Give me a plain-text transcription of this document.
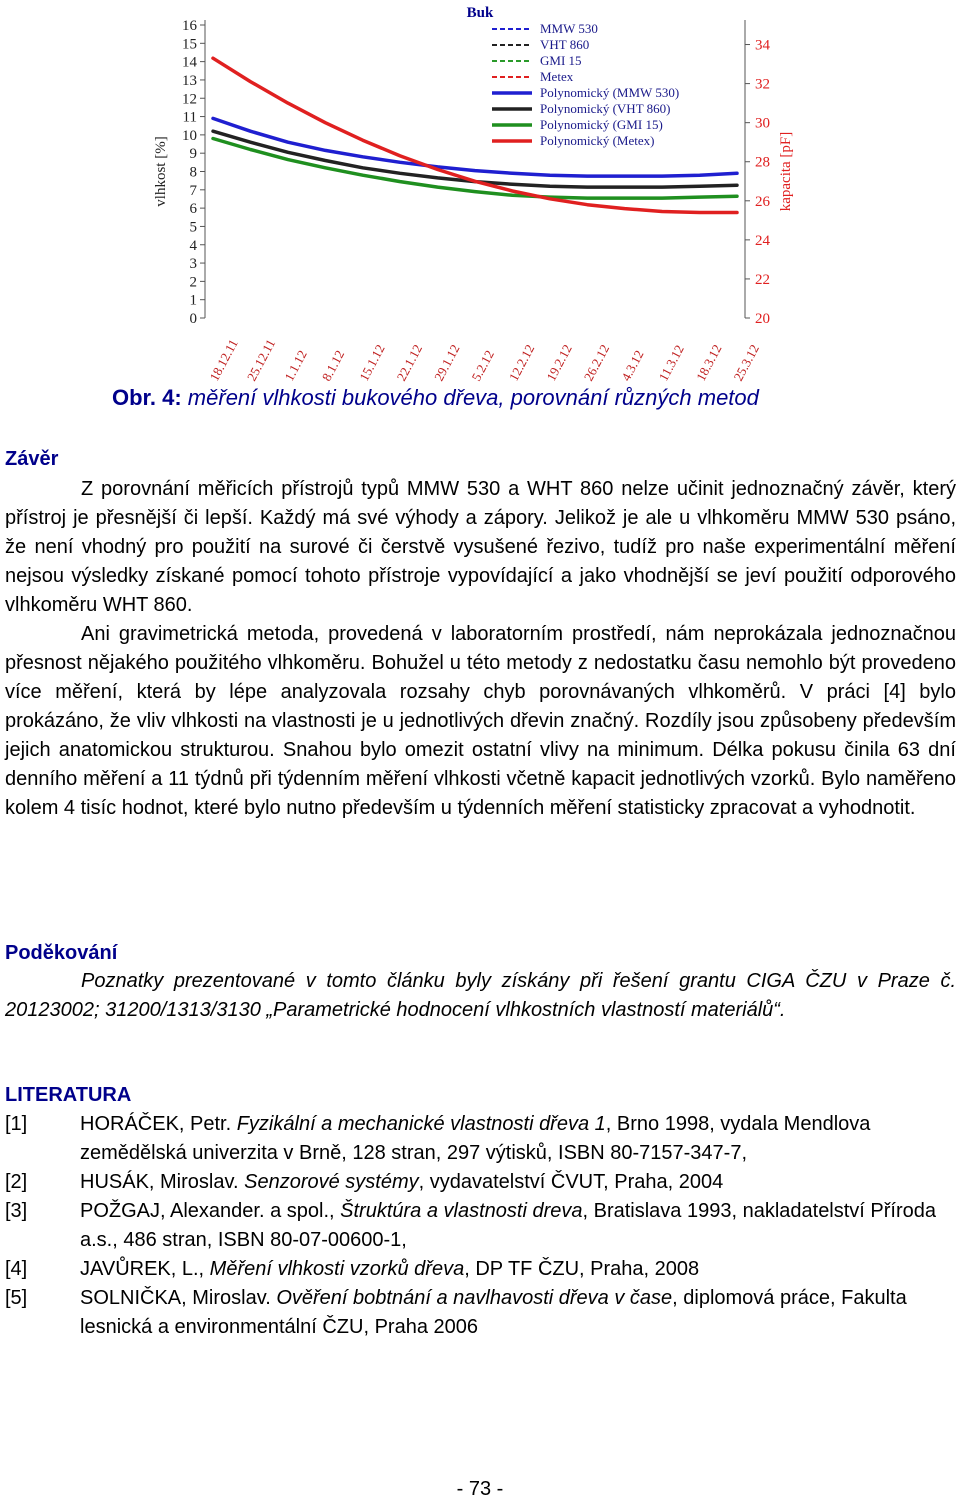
0
1
2
3
4
5
6
7
8
9
10
11
12
13
14
15
16
20
22
24
26
28
30
32
34
vlhkost [%]	kapacita [pF]
Buk
18.12.11 25.12.11 1.1.12 8.1.12 15.1.12 22.1.12 29.1.12 5.2.12 12.2.12 19.2.12 26.2.12 4.3.12 11.3.12 18.3.12 25.3.12
MMW 530
VHT 860
GMI 15
Metex
Polynomický (MMW 530)
Polynomický (VHT 860)
Polynomický (GMI 15)
Polynomický (Metex)
Obr. 4: měření vlhkosti bukového dřeva, porovnání různých metod
Závěr

Z porovnání měřicích přístrojů typů MMW 530 a WHT 860 nelze učinit jednoznačný závěr, který přístroj je přesnější či lepší. Každý má své výhody a zápory. Jelikož je ale u vlhkoměru MMW 530 psáno, že není vhodný pro použití na surové či čerstvě vysušené řezivo, tudíž pro naše experimentální měření nejsou výsledky získané pomocí tohoto přístroje vypovídající a jako vhodnější se jeví použití odporového vlhkoměru WHT 860.

Ani gravimetrická metoda, provedená v laboratorním prostředí, nám neprokázala jednoznačnou přesnost nějakého použitého vlhkoměru. Bohužel u této metody z nedostatku času nemohlo být provedeno více měření, která by lépe analyzovala rozsahy chyb porovnávaných vlhkoměrů. V práci [4] bylo prokázáno, že vliv vlhkosti na vlastnosti je u jednotlivých dřevin značný. Rozdíly jsou způsobeny především jejich anatomickou strukturou. Snahou bylo omezit ostatní vlivy na minimum. Délka pokusu činila 63 dní denního měření a 11 týdnů při týdenním měření vlhkosti včetně kapacit jednotlivých vzorků. Bylo naměřeno kolem 4 tisíc hodnot, které bylo nutno především u týdenních měření statisticky zpracovat a vyhodnotit.

Poděkování

Poznatky prezentované v tomto článku byly získány při řešení grantu CIGA ČZU v Praze č. 20123002; 31200/1313/3130 „Parametrické hodnocení vlhkostních vlastností materiálů“.

LITERATURA
[1]	HORÁČEK, Petr. Fyzikální a mechanické vlastnosti dřeva 1, Brno 1998, vydala Mendlova zemědělská univerzita v Brně, 128 stran, 297 výtisků, ISBN 80-7157-347-7,
[2]	HUSÁK, Miroslav. Senzorové systémy, vydavatelství ČVUT, Praha, 2004
[3]	POŽGAJ, Alexander. a spol., Štruktúra a vlastnosti dreva, Bratislava 1993, nakladatelství Příroda a.s., 486 stran, ISBN 80-07-00600-1,
[4]	JAVŮREK, L., Měření vlhkosti vzorků dřeva, DP TF ČZU, Praha, 2008
[5]	SOLNIČKA, Miroslav. Ověření bobtnání a navlhavosti dřeva v čase, diplomová práce, Fakulta lesnická a environmentální ČZU, Praha 2006
- 73 -
